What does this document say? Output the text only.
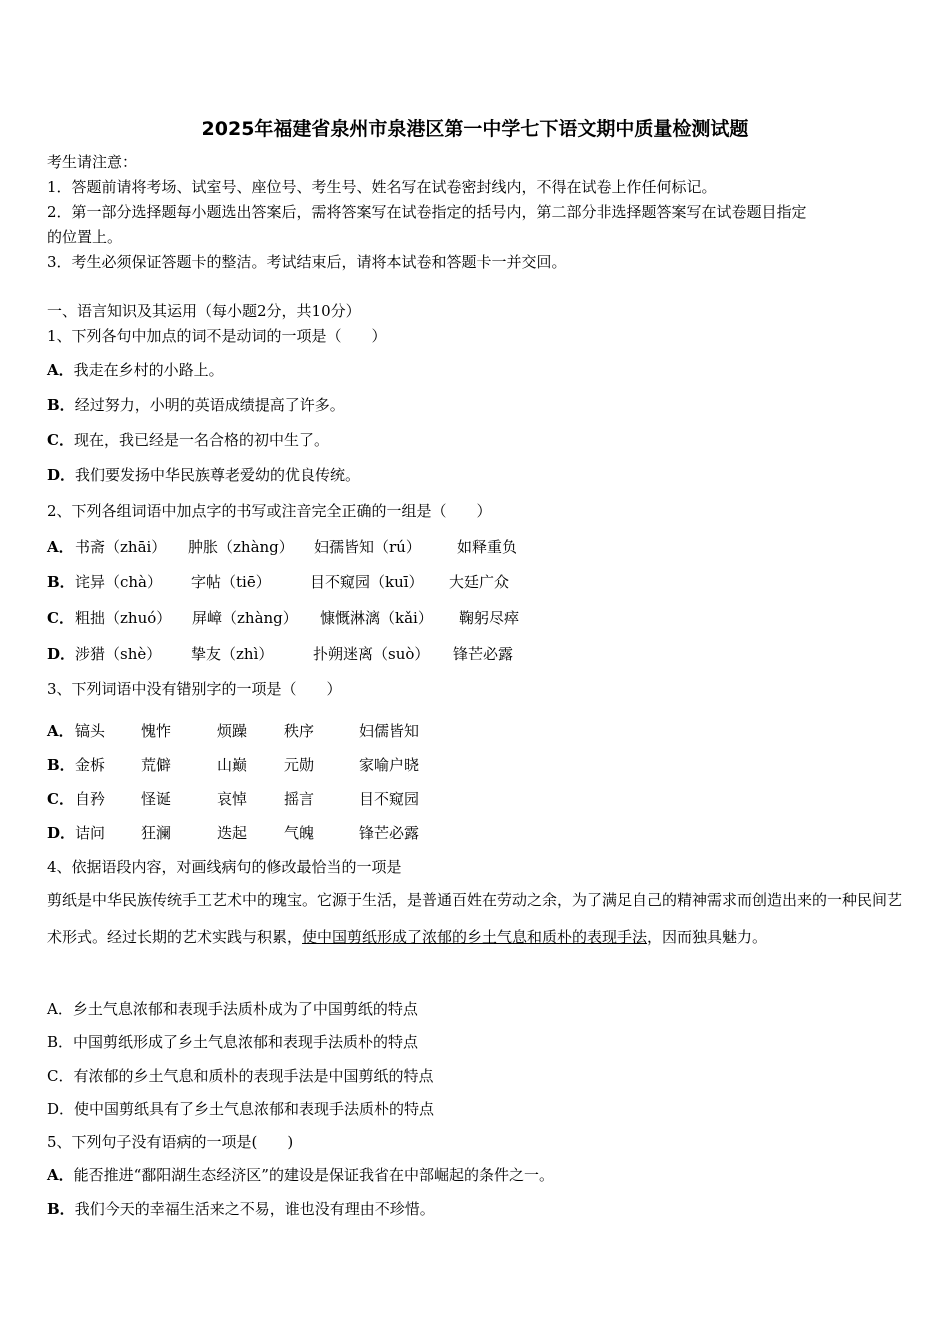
2025年福建省泉州市泉港区第一中学七下语文期中质量检测试题
考生请注意：
1．答题前请将考场、试室号、座位号、考生号、姓名写在试卷密封线内，不得在试卷上作任何标记。
2．第一部分选择题每小题选出答案后，需将答案写在试卷指定的括号内，第二部分非选择题答案写在试卷题目指定
的位置上。
3．考生必须保证答题卡的整洁。考试结束后，请将本试卷和答题卡一并交回。
一、语言知识及其运用（每小题2分，共10分）
1、下列各句中加点的词不是动词的一项是（　　）
A．我走在乡村的小路上。
B．经过努力，小明的英语成绩提高了许多。
C．现在，我已经是一名合格的初中生了。
D．我们要发扬中华民族尊老爱幼的优良传统。
2、下列各组词语中加点字的书写或注音完全正确的一组是（　　）
A． 书斋（zhāi） 肿胀（zhàng） 妇孺皆知（rú） 如释重负
B． 诧异（chà） 字帖（tiē）	目不窥园（kuī） 大廷广众
C． 粗拙（zhuó） 屏嶂（zhàng） 慷慨淋漓（kǎi） 鞠躬尽瘁
D． 涉猎（shè） 挚友（zhì）	扑朔迷离（suò） 锋芒必露
3、下列词语中没有错别字的一项是（　　）
A． 镐头 愧怍	烦躁 秩序	妇儒皆知
B． 金柝 荒僻	山巅 元勋	家喻户晓
C． 自矜 怪诞	哀悼 摇言	目不窥园
D． 诘问 狂澜	迭起 气魄	锋芒必露
4、依据语段内容，对画线病句的修改最恰当的一项是
剪纸是中华民族传统手工艺术中的瑰宝。它源于生活，是普通百姓在劳动之余，为了满足自己的精神需求而创造出来的一种民间艺术形式。经过长期的艺术实践与积累，使中国剪纸形成了浓郁的乡土气息和质朴的表现手法，因而独具魅力。
A．乡土气息浓郁和表现手法质朴成为了中国剪纸的特点
B．中国剪纸形成了乡土气息浓郁和表现手法质朴的特点
C．有浓郁的乡土气息和质朴的表现手法是中国剪纸的特点
D．使中国剪纸具有了乡土气息浓郁和表现手法质朴的特点
5、下列句子没有语病的一项是(　　)
A．能否推进“鄱阳湖生态经济区”的建设是保证我省在中部崛起的条件之一。
B．我们今天的幸福生活来之不易，谁也没有理由不珍惜。
